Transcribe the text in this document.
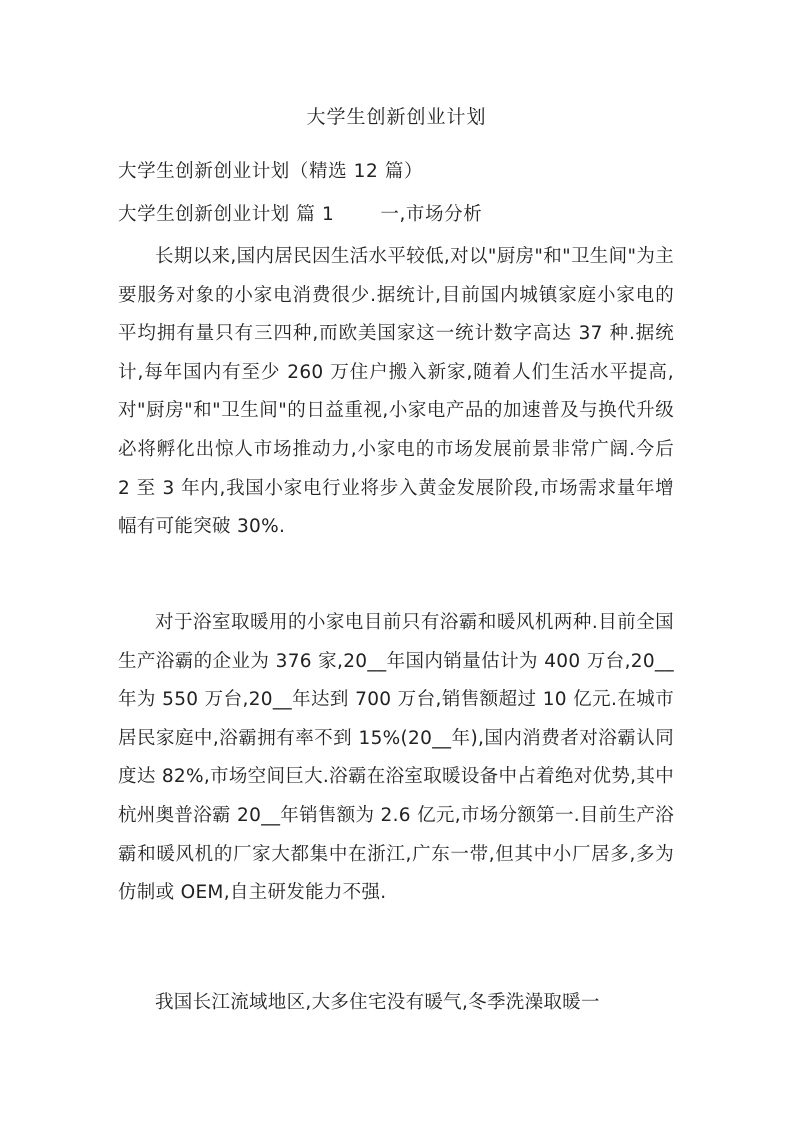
大学生创新创业计划
大学生创新创业计划（精选 12 篇）
大学生创新创业计划 篇 1 一,市场分析

长期以来,国内居民因生活水平较低,对以"厨房"和"卫生间"为主要服务对象的小家电消费很少.据统计,目前国内城镇家庭小家电的平均拥有量只有三四种,而欧美国家这一统计数字高达 37 种.据统计,每年国内有至少 260 万住户搬入新家,随着人们生活水平提高,对"厨房"和"卫生间"的日益重视,小家电产品的加速普及与换代升级必将孵化出惊人市场推动力,小家电的市场发展前景非常广阔.今后 2 至 3 年内,我国小家电行业将步入黄金发展阶段,市场需求量年增幅有可能突破 30%.

对于浴室取暖用的小家电目前只有浴霸和暖风机两种.目前全国生产浴霸的企业为 376 家,20__年国内销量估计为 400 万台,20__年为 550 万台,20__年达到 700 万台,销售额超过 10 亿元.在城市居民家庭中,浴霸拥有率不到 15%(20__年),国内消费者对浴霸认同度达 82%,市场空间巨大.浴霸在浴室取暖设备中占着绝对优势,其中杭州奥普浴霸 20__年销售额为 2.6 亿元,市场分额第一.目前生产浴霸和暖风机的厂家大都集中在浙江,广东一带,但其中小厂居多,多为仿制或 OEM,自主研发能力不强.

我国长江流域地区,大多住宅没有暖气,冬季洗澡取暖一
